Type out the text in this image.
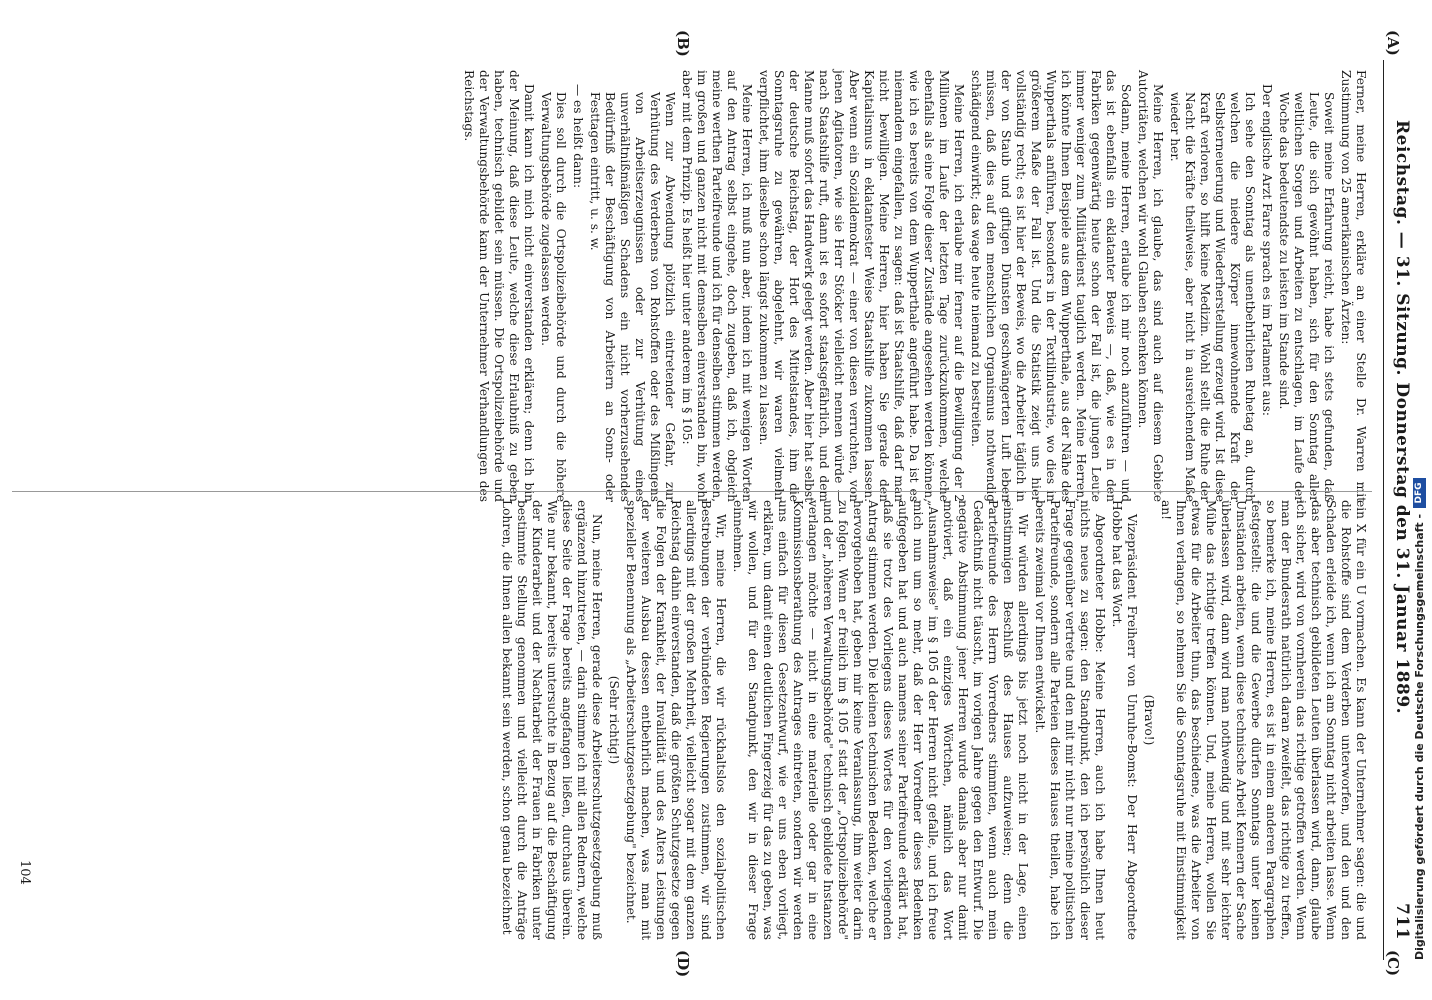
Reichstag. — 31. Sitzung. Donnerstag den 31. Januar 1889.
711
(A)
(B)
(C)
(D)

Ferner, meine Herren, erkläre an einer Stelle Dr. Warren mit Zustimmung von 25 amerikanischen Ärzten:

Soweit meine Erfahrung reicht, habe ich stets gefunden, daß Leute, die sich gewöhnt haben, sich für den Sonntag aller weltlichen Sorgen und Arbeiten zu entschlagen, im Laufe der Woche das bedeutendste zu leisten im Stande sind.

Der englische Arzt Farre sprach es im Parlament aus:

Ich sehe den Sonntag als unentbehrlichen Ruhetag an, durch welchen die niedere Körper innewohnende Kraft der Selbsterneuerung und Wiederherstellung erzeugt wird. Ist diese Kraft verloren, so hilft keine Medizin. Wohl stellt die Ruhe der Nacht die Kräfte theilweise, aber nicht in ausreichendem Maße wieder her.

Meine Herren, ich glaube, das sind auch auf diesem Gebiete Autoritäten, welchen wir wohl Glauben schenken können.

Sodann, meine Herren, erlaube ich mir noch anzuführen — und das ist ebenfalls ein eklatanter Beweis —, daß, wie es in den Fabriken gegenwärtig heute schon der Fall ist, die jungen Leute immer weniger zum Militärdienst tauglich werden. Meine Herren, ich könnte Ihnen Beispiele aus dem Wupperthale, aus der Nähe des Wupperthals anführen, besonders in der Textilindustrie, wo dies in größerem Maße der Fall ist. Und die Statistik zeigt uns hier vollständig recht; es ist hier der Beweis, wo die Arbeiter täglich in der von Staub und giftigen Dünsten geschwängerten Luft leben müssen, daß dies auf den menschlichen Organismus nothwendig schädigend einwirkt; das wage heute niemand zu bestreiten.

Meine Herren, ich erlaube mir ferner auf die Bewilligung der 2 Millionen im Laufe der letzten Tage zurückzukommen, welche ebenfalls als eine Folge dieser Zustände angesehen werden können, wie ich es bereits von dem Wupperthale angeführt habe. Da ist es niemandem eingefallen, zu sagen: daß ist Staatshilfe, daß darf man nicht bewilligen. Meine Herren, hier haben Sie gerade den Kapitalismus in eklatantester Weise Staatshilfe zukommen lassen. Aber wenn ein Sozialdemokrat — einer von diesen verruchten, von jenen Agitatoren, wie sie Herr Stöcker vielleicht nennen würde — nach Staatshilfe ruft, dann ist es sofort staatsgefährlich, und dem Manne muß sofort das Handwerk gelegt werden. Aber hier hat selbst der deutsche Reichstag, der Hort des Mittelstandes, ihm die Sonntagsruhe zu gewähren, abgelehnt, wir waren vielmehr verpflichtet, ihm dieselbe schon längst zukommen zu lassen.

Meine Herren, ich muß nun aber, indem ich mit wenigen Worten auf den Antrag selbst eingehe, doch zugeben, daß ich, obgleich meine werthen Parteifreunde und ich für denselben stimmen werden, im großen und ganzen nicht mit demselben einverstanden bin, wohl aber mit dem Prinzip. Es heißt hier unter anderem im § 105:

Wenn zur Abwendung plötzlich eintretender Gefahr, zur Verhütung des Verderbens von Rohstoffen oder des Mißlingens von Arbeitserzeugnissen oder zur Verhütung eines unverhältnißmäßigen Schadens ein nicht vorherzusehendes Bedürfniß der Beschäftigung von Arbeitern an Sonn- oder Festtagen eintritt, u. s. w.

— es heißt dann:

Dies soll durch die Ortspolizeibehörde und durch die höhere Verwaltungsbehörde zugelassen werden.

Damit kann ich mich nicht einverstanden erklären; denn ich bin der Meinung, daß diese Leute, welche diese Erlaubniß zu geben haben, technisch gebildet sein müssen. Die Ortspolizeibehörde und der Verwaltungsbehörde kann der Unternehmer Verhandlungen des Reichstags.

ein X für ein U vormachen. Es kann der Unternehmer sagen: die und die Rohstoffe sind dem Verderben unterworfen, und den und den Schaden erleide ich, wenn ich am Sonntag nicht arbeiten lasse. Wenn das aber technisch gebildeten Leuten überlassen wird, dann, glaube ich sicher, wird von vornherein das richtige getroffen werden. Wenn man der Bundesrath natürlich daran zweifelt, das richtige zu treffen, so bemerke ich, meine Herren, es ist in einem anderen Paragraphen festgestellt: die und die Gewerbe dürfen Sonntags unter keinen Umständen arbeiten, wenn diese technische Arbeit Kennern der Sache überlassen wird, dann wird man nothwendig und mit sehr leichter Mühe das richtige treffen können. Und, meine Herren, wollen Sie etwas für die Arbeiter thun, das beschiedene, was die Arbeiter von Ihnen verlangen, so nehmen Sie die Sonntagsruhe mit Einstimmigkeit an!

(Bravo!)

Vizepräsident Freiherr von Unruhe-Bomst: Der Herr Abgeordnete Hobbe hat das Wort.

Abgeordneter Hobbe: Meine Herren, auch ich habe Ihnen heut nichts neues zu sagen: den Standpunkt, den ich persönlich dieser Frage gegenüber vertrete und den mit mir nicht nur meine politischen Parteifreunde, sondern alle Parteien dieses Hauses theilen, habe ich bereits zweimal vor Ihnen entwickelt.

Wir würden allerdings bis jetzt noch nicht in der Lage, einen einstimmigen Beschluß des Hauses aufzuweisen; denn die Parteifreunde des Herrn Vorredners stimmten, wenn auch mein Gedächtniß nicht täuscht, im vorigen Jahre gegen den Entwurf. Die negative Abstimmung jener Herren wurde damals aber nur damit motiviert, daß ein einziges Wörtchen, nämlich das Wort „Ausnahmsweise" im § 105 d der Herren nicht gefalle, und ich freue mich nun um so mehr, daß der Herr Vorredner dieses Bedenken aufgegeben hat und auch namens seiner Parteifreunde erklärt hat, daß sie trotz des Vorliegens dieses Wortes für den vorliegenden Antrag stimmen werden. Die kleinen technischen Bedenken, welche er hervorgehoben hat, geben mir keine Veranlassung, ihm weiter darin zu folgen. Wenn er freilich im § 105 f statt der „Ortspolizeibehörde" und der „höheren Verwaltungsbehörde" technisch gebildete Instanzen verlangen möchte — nicht in eine materielle oder gar in eine Kommissionsberathung des Antrages eintreten, sondern wir werden uns einfach für diesen Gesetzentwurf, wie er uns eben vorliegt, erklären, um damit einen deutlichen Fingerzeig für das zu geben, was wir wollen, und für den Standpunkt, den wir in dieser Frage einnehmen.

Wir, meine Herren, die wir rückhaltslos den sozialpolitischen Bestrebungen der verbündeten Regierungen zustimmen, wir sind allerdings mit der großen Mehrheit, vielleicht sogar mit dem ganzen Reichstag dahin einverstanden, daß die größten Schutzgesetze gegen die Folgen der Krankheit, der Invalidität und des Alters Leistungen der weiteren Ausbau dessen entbehrlich machen, was man mit spezieller Benennung als „Arbeiterschutzgesetzgebung" bezeichnet.

(Sehr richtig!)

Nun, meine Herren, gerade diese Arbeiterschutzgesetzgebung muß ergänzend hinzutreten, — darin stimme ich mit allen Rednern, welche diese Seite der Frage bereits angefangen ließen, durchaus überein. Wie nur bekannt, bereits untersuchte in Bezug auf die Beschäftigung der Kinderarbeit und der Nachtarbeit der Frauen in Fabriken unter bestimmte Stellung genommen und vielleicht durch die Anträge Lohren, die Ihnen allen bekannt sein werden, schon genau bezeichnet

104	Digitalisierung gefördert durch die Deutsche Forschungsgemeinschaft -
DFG
